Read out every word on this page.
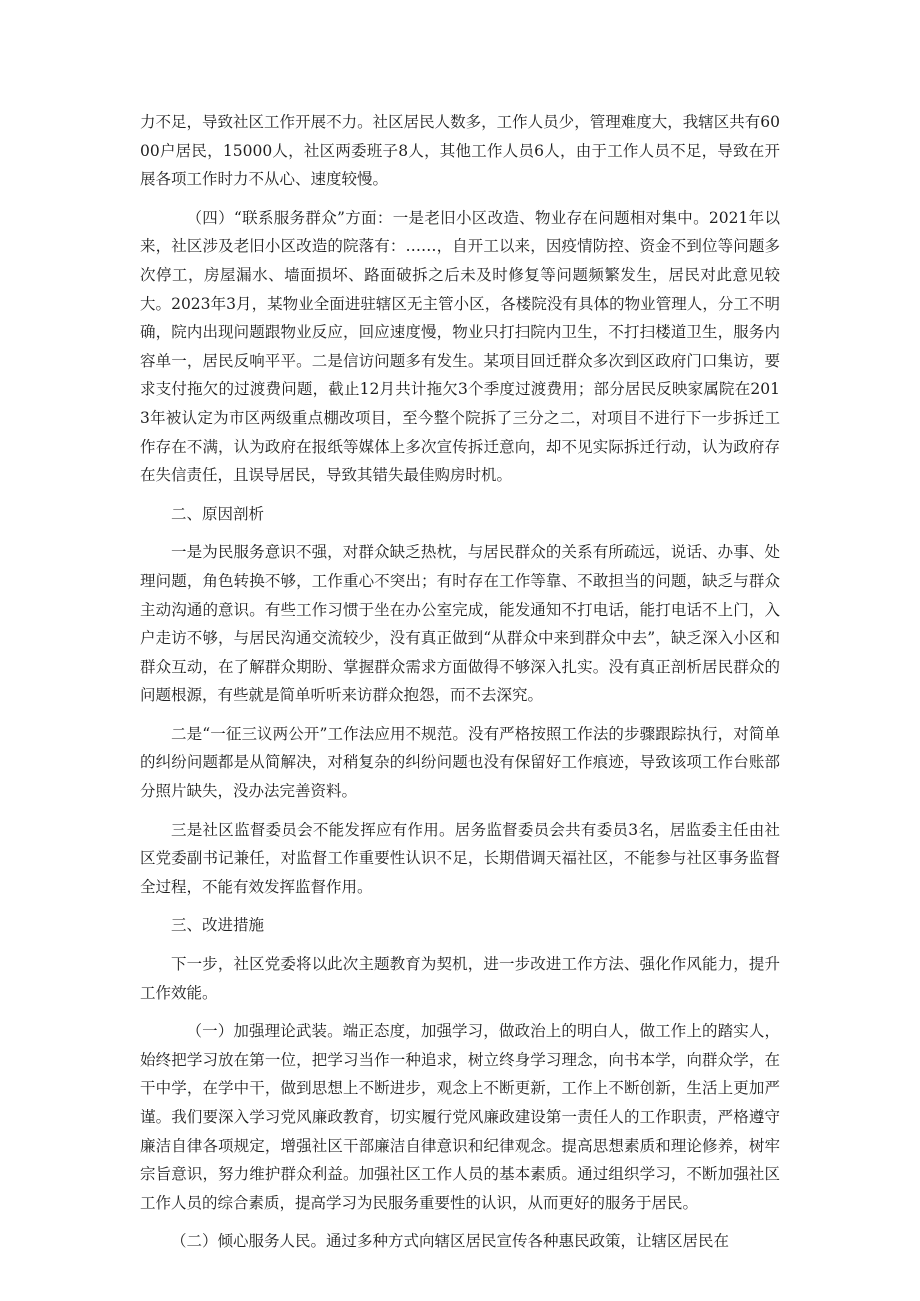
力不足，导致社区工作开展不力。社区居民人数多，工作人员少，管理难度大，我辖区共有6000户居民，15000人，社区两委班子8人，其他工作人员6人，由于工作人员不足，导致在开展各项工作时力不从心、速度较慢。

（四）“联系服务群众”方面：一是老旧小区改造、物业存在问题相对集中。2021年以来，社区涉及老旧小区改造的院落有：……，自开工以来，因疫情防控、资金不到位等问题多次停工，房屋漏水、墙面损坏、路面破拆之后未及时修复等问题频繁发生，居民对此意见较大。2023年3月，某物业全面进驻辖区无主管小区，各楼院没有具体的物业管理人，分工不明确，院内出现问题跟物业反应，回应速度慢，物业只打扫院内卫生，不打扫楼道卫生，服务内容单一，居民反响平平。二是信访问题多有发生。某项目回迁群众多次到区政府门口集访，要求支付拖欠的过渡费问题，截止12月共计拖欠3个季度过渡费用；部分居民反映家属院在2013年被认定为市区两级重点棚改项目，至今整个院拆了三分之二，对项目不进行下一步拆迁工作存在不满，认为政府在报纸等媒体上多次宣传拆迁意向，却不见实际拆迁行动，认为政府存在失信责任，且误导居民，导致其错失最佳购房时机。

二、原因剖析

一是为民服务意识不强，对群众缺乏热枕，与居民群众的关系有所疏远，说话、办事、处理问题，角色转换不够，工作重心不突出；有时存在工作等靠、不敢担当的问题，缺乏与群众主动沟通的意识。有些工作习惯于坐在办公室完成，能发通知不打电话，能打电话不上门，入户走访不够，与居民沟通交流较少，没有真正做到“从群众中来到群众中去”，缺乏深入小区和群众互动，在了解群众期盼、掌握群众需求方面做得不够深入扎实。没有真正剖析居民群众的问题根源，有些就是简单听听来访群众抱怨，而不去深究。

二是“一征三议两公开”工作法应用不规范。没有严格按照工作法的步骤跟踪执行，对简单的纠纷问题都是从简解决，对稍复杂的纠纷问题也没有保留好工作痕迹，导致该项工作台账部分照片缺失，没办法完善资料。

三是社区监督委员会不能发挥应有作用。居务监督委员会共有委员3名，居监委主任由社区党委副书记兼任，对监督工作重要性认识不足，长期借调天福社区，不能参与社区事务监督全过程，不能有效发挥监督作用。

三、改进措施

下一步，社区党委将以此次主题教育为契机，进一步改进工作方法、强化作风能力，提升工作效能。

（一）加强理论武装。端正态度，加强学习，做政治上的明白人，做工作上的踏实人，始终把学习放在第一位，把学习当作一种追求，树立终身学习理念，向书本学，向群众学，在干中学，在学中干，做到思想上不断进步，观念上不断更新，工作上不断创新，生活上更加严谨。我们要深入学习党风廉政教育，切实履行党风廉政建设第一责任人的工作职责，严格遵守廉洁自律各项规定，增强社区干部廉洁自律意识和纪律观念。提高思想素质和理论修养，树牢宗旨意识，努力维护群众利益。加强社区工作人员的基本素质。通过组织学习，不断加强社区工作人员的综合素质，提高学习为民服务重要性的认识，从而更好的服务于居民。

（二）倾心服务人民。通过多种方式向辖区居民宣传各种惠民政策，让辖区居民在
